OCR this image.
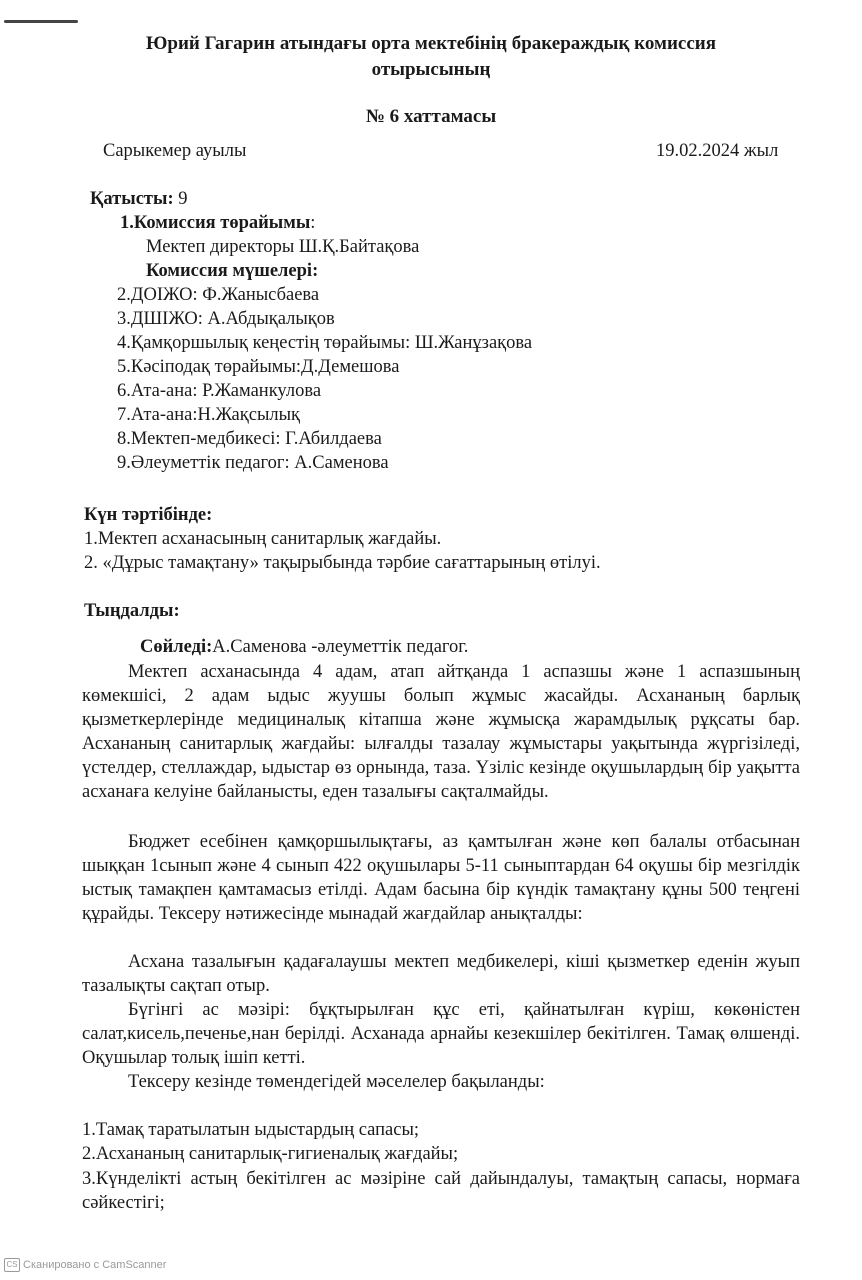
Юрий Гагарин атындағы орта мектебінің бракераждық комиссия
отырысының
№ 6 хаттамасы
Сарыкемер ауылы	19.02.2024 жыл
Қатысты: 9
1.Комиссия төрайымы:
Мектеп директоры Ш.Қ.Байтақова
Комиссия мүшелері:
2.ДОІЖО: Ф.Жанысбаева
3.ДШІЖО: А.Абдықалықов
4.Қамқоршылық кеңестің төрайымы: Ш.Жанұзақова
5.Кәсіподақ төрайымы:Д.Демешова
6.Ата-ана: Р.Жаманкулова
7.Ата-ана:Н.Жақсылық
8.Мектеп-медбикесі: Г.Абилдаева
9.Әлеуметтік педагог: А.Саменова
Күн тәртібінде:
1.Мектеп асханасының санитарлық жағдайы.
2. «Дұрыс тамақтану» тақырыбында тәрбие сағаттарының өтілуі.
Тыңдалды:
Сөйледі:А.Саменова -әлеуметтік педагог.
Мектеп асханасында 4 адам, атап айтқанда 1 аспазшы және 1 аспазшының көмекшісі, 2 адам ыдыс жуушы болып жұмыс жасайды. Асхананың барлық қызметкерлерінде медициналық кітапша және жұмысқа жарамдылық рұқсаты бар. Асхананың санитарлық жағдайы: ылғалды тазалау жұмыстары уақытында жүргізіледі, үстелдер, стеллаждар, ыдыстар өз орнында, таза. Үзіліс кезінде оқушылардың бір уақытта асханаға келуіне байланысты, еден тазалығы сақталмайды.
Бюджет есебінен қамқоршылықтағы, аз қамтылған және көп балалы отбасынан шыққан 1сынып және 4 сынып 422 оқушылары 5-11 сыныптардан 64 оқушы бір мезгілдік ыстық тамақпен қамтамасыз етілді. Адам басына бір күндік тамақтану құны 500 теңгені құрайды. Тексеру нәтижесінде мынадай жағдайлар анықталды:
Асхана тазалығын қадағалаушы мектеп медбикелері, кіші қызметкер еденін жуып тазалықты сақтап отыр.
Бүгінгі ас мәзірі: бұқтырылған құс еті, қайнатылған күріш, көкөністен салат,кисель,печенье,нан берілді. Асханада арнайы кезекшілер бекітілген. Тамақ өлшенді. Оқушылар толық ішіп кетті.
Тексеру кезінде төмендегідей мәселелер бақыланды:
1.Тамақ таратылатын ыдыстардың сапасы;
2.Асхананың санитарлық-гигиеналық жағдайы;
3.Күнделікті астың бекітілген ас мәзіріне сай дайындалуы, тамақтың сапасы, нормаға сәйкестігі;
CS Сканировано с CamScanner
